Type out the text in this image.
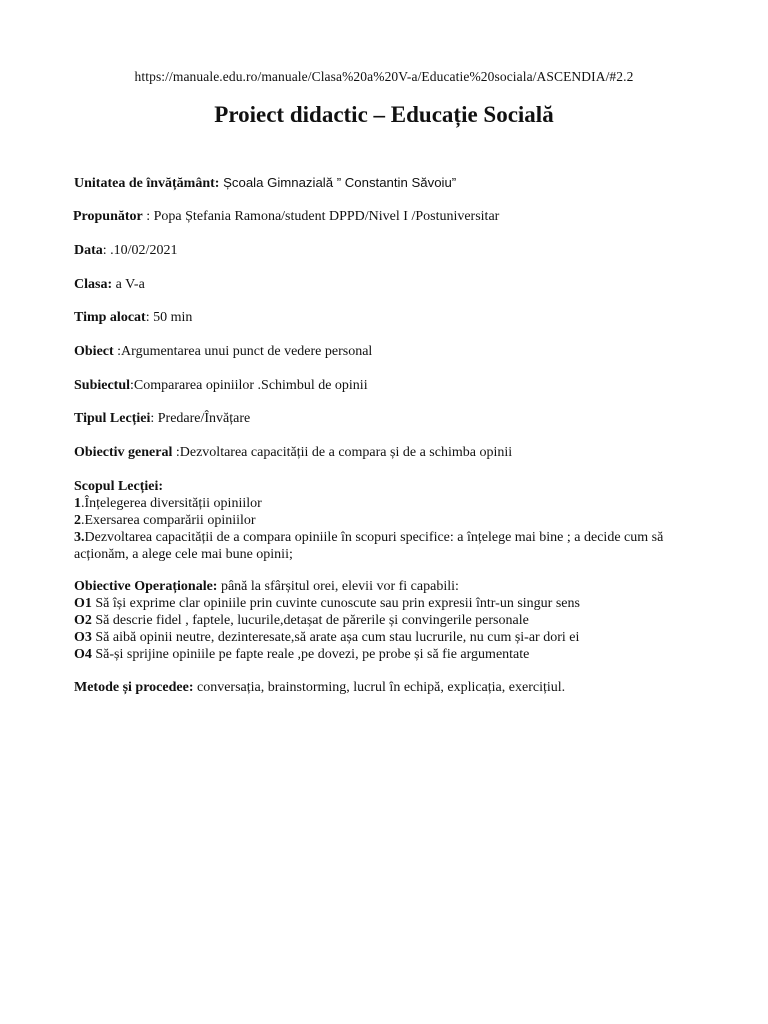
https://manuale.edu.ro/manuale/Clasa%20a%20V-a/Educatie%20sociala/ASCENDIA/#2.2
Proiect didactic – Educație Socială
Unitatea de învățământ: Școala Gimnazială ” Constantin Săvoiu”
Propunător : Popa Ștefania Ramona/student DPPD/Nivel I /Postuniversitar
Data: .10/02/2021
Clasa: a V-a
Timp alocat: 50 min
Obiect :Argumentarea unui punct de vedere personal
Subiectul:Compararea opiniilor .Schimbul de opinii
Tipul Lecției: Predare/Învățare
Obiectiv general :Dezvoltarea capacității de a compara și de a schimba opinii

Scopul Lecției:

1.Înțelegerea diversității opiniilor

2.Exersarea comparării opiniilor

3.Dezvoltarea capacității de a compara opiniile în scopuri specifice: a înțelege mai bine ; a decide cum să acționăm, a alege cele mai bune opinii;

Obiective Operaționale: până la sfârșitul orei, elevii vor fi capabili:

O1 Să își exprime clar opiniile prin cuvinte cunoscute sau prin expresii într-un singur sens

O2 Să descrie fidel , faptele, lucurile,detașat de părerile și convingerile personale

O3 Să aibă opinii neutre, dezinteresate,să arate așa cum stau lucrurile, nu cum și-ar dori ei

O4 Să-și sprijine opiniile pe fapte reale ,pe dovezi, pe probe și să fie argumentate

Metode și procedee: conversația, brainstorming, lucrul în echipă, explicația, exercițiul.
